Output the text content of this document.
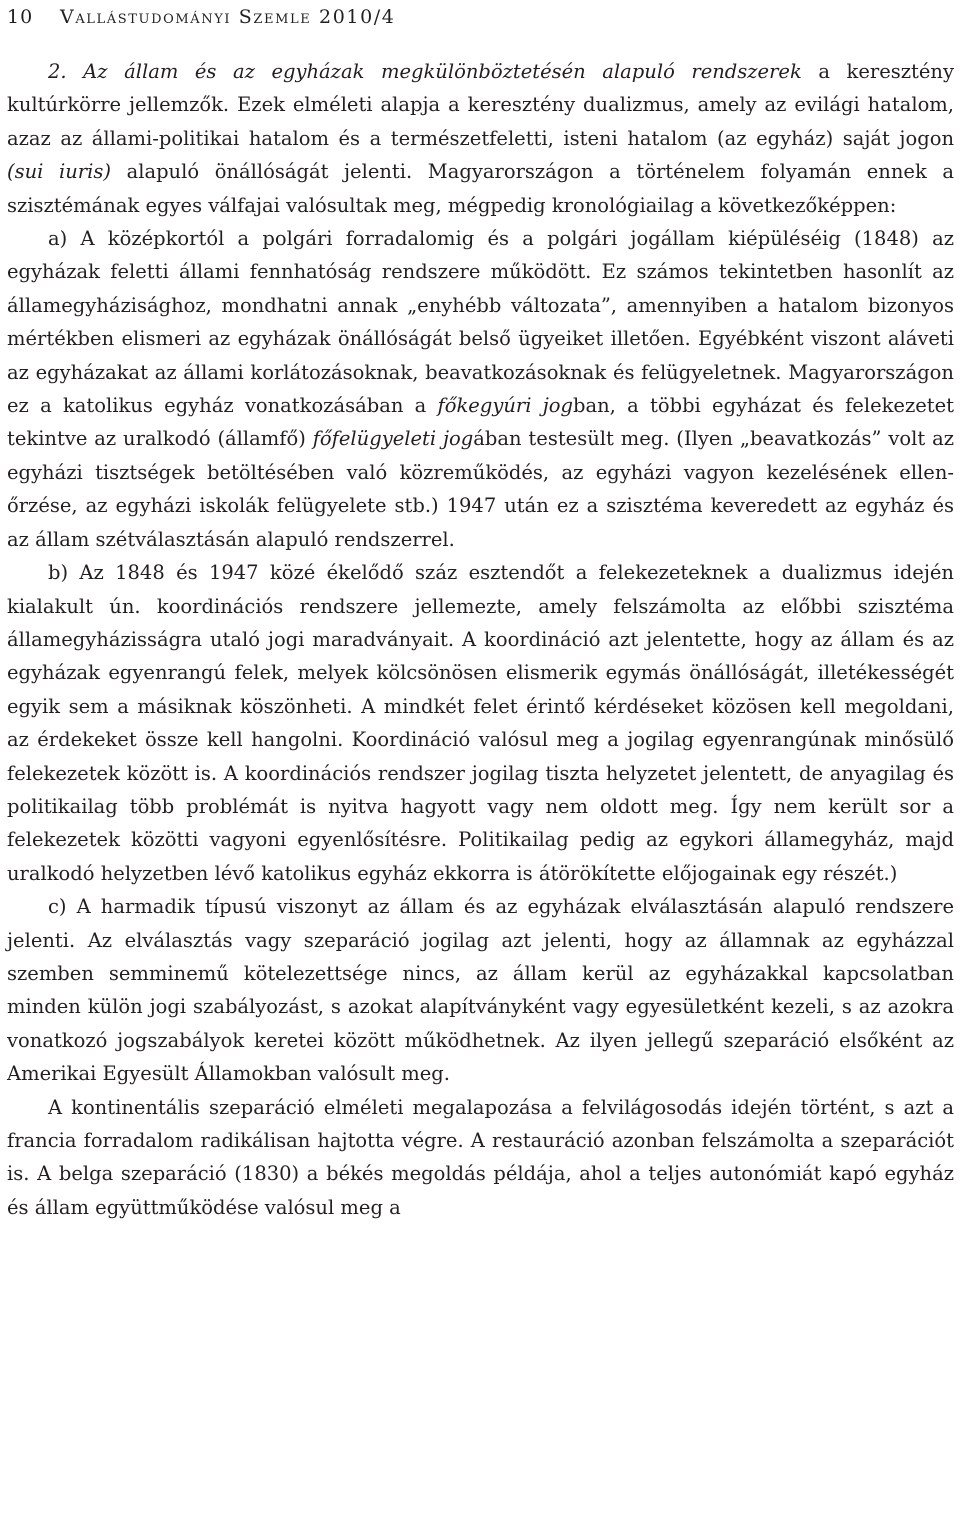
10 Vallástudományi Szemle 2010/4

2. Az állam és az egyházak megkülönböztetésén alapuló rendszerek a keresztény kultúrkörre jellemzők. Ezek elméleti alapja a keresztény dualizmus, amely az evilági hatalom, azaz az állami-politikai hatalom és a természetfeletti, isteni hatalom (az egyház) saját jogon (sui iuris) alapuló önállóságát jelenti. Magyarországon a történelem folyamán ennek a szisztémának egyes válfajai valósultak meg, mégpedig kronológiailag a következőképpen:

a) A középkortól a polgári forradalomig és a polgári jogállam kiépüléséig (1848) az egyházak feletti állami fennhatóság rendszere működött. Ez számos tekintetben hasonlít az államegyházisághoz, mondhatni annak „enyhébb változata”, amennyiben a hatalom bizonyos mértékben elismeri az egyházak önállóságát belső ügyeiket illetően. Egyébként viszont aláveti az egyházakat az állami korlátozásoknak, beavatkozásoknak és felügyeletnek. Magyarországon ez a katolikus egyház vonatkozásában a főkegyúri jogban, a többi egyházat és felekezetet tekintve az uralkodó (államfő) főfelügyeleti jogában testesült meg. (Ilyen „beavatkozás” volt az egyházi tisztségek betöltésében való közreműködés, az egyházi vagyon kezelésének ellenőrzése, az egyházi iskolák felügyelete stb.) 1947 után ez a szisztéma keveredett az egyház és az állam szétválasztásán alapuló rendszerrel.

b) Az 1848 és 1947 közé ékelődő száz esztendőt a felekezeteknek a dualizmus idején kialakult ún. koordinációs rendszere jellemezte, amely felszámolta az előbbi szisztéma államegyházisságra utaló jogi maradványait. A koordináció azt jelentette, hogy az állam és az egyházak egyenrangú felek, melyek kölcsönösen elismerik egymás önállóságát, illetékességét egyik sem a másiknak köszönheti. A mindkét felet érintő kérdéseket közösen kell megoldani, az érdekeket össze kell hangolni. Koordináció valósul meg a jogilag egyenrangúnak minősülő felekezetek között is. A koordinációs rendszer jogilag tiszta helyzetet jelentett, de anyagilag és politikailag több problémát is nyitva hagyott vagy nem oldott meg. Így nem került sor a felekezetek közötti vagyoni egyenlősítésre. Politikailag pedig az egykori államegyház, majd uralkodó helyzetben lévő katolikus egyház ekkorra is átörökítette előjogainak egy részét.)

c) A harmadik típusú viszonyt az állam és az egyházak elválasztásán alapuló rendszere jelenti. Az elválasztás vagy szeparáció jogilag azt jelenti, hogy az államnak az egyházzal szemben semminemű kötelezettsége nincs, az állam kerül az egyházakkal kapcsolatban minden külön jogi szabályozást, s azokat alapítványként vagy egyesületként kezeli, s az azokra vonatkozó jogszabályok keretei között működhetnek. Az ilyen jellegű szeparáció elsőként az Amerikai Egyesült Államokban valósult meg.

A kontinentális szeparáció elméleti megalapozása a felvilágosodás idején történt, s azt a francia forradalom radikálisan hajtotta végre. A restauráció azonban felszámolta a szeparációt is. A belga szeparáció (1830) a békés megoldás példája, ahol a teljes autonómiát kapó egyház és állam együttműködése valósul meg a
